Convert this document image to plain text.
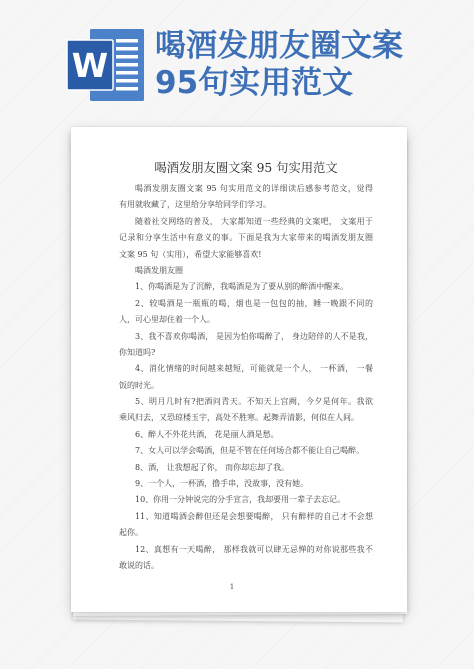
W 喝酒发朋友圈文案
95句实用范文
喝酒发朋友圈文案 95 句实用范文
喝酒发朋友圈文案 95 句实用范文的详细读后感参考范文，觉得
有用就收藏了，这里给分享给同学们学习。
随着社交网络的普及， 大家都知道一些经典的文案吧， 文案用于
记录和分享生活中有意义的事。下面是我为大家带来的喝酒发朋友圈
文案 95 句（实用），希望大家能够喜欢!
喝酒发朋友圈
1、你喝酒是为了沉醉，我喝酒是为了要从别的醉酒中醒来。
2、较喝酒是一瓶瓶的喝，烟也是一包包的抽，睡一晚跟不同的
人，可心里却住着一个人。
3、我不喜欢你喝酒， 是因为怕你喝醉了， 身边陪伴的人不是我，
你知道吗?
4、消化情绪的时间越来越短，可能就是一个人， 一杯酒， 一餐
饭的时光。
5、明月几时有?把酒问青天。不知天上宫阙，今夕是何年。我欲
乘风归去，又恐琼楼玉宇，高处不胜寒。起舞弄清影，何似在人间。
6、醉人不外花共酒， 花是丽人酒是愁。
7、女人可以学会喝酒，但是不管在任何场合都不能让自己喝醉。
8、酒， 让我想起了你， 而你却忘却了我。
9、一个人，一杯酒，撸手串，没故事，没有她。
10、你用一分钟说完的分手宣言，我却要用一辈子去忘记。
11、知道喝酒会醉但还是会想要喝醉， 只有醉样的自己才不会想
起你。
12、真想有一天喝醉， 那样我就可以肆无忌惮的对你说那些我不
敢说的话。
1
